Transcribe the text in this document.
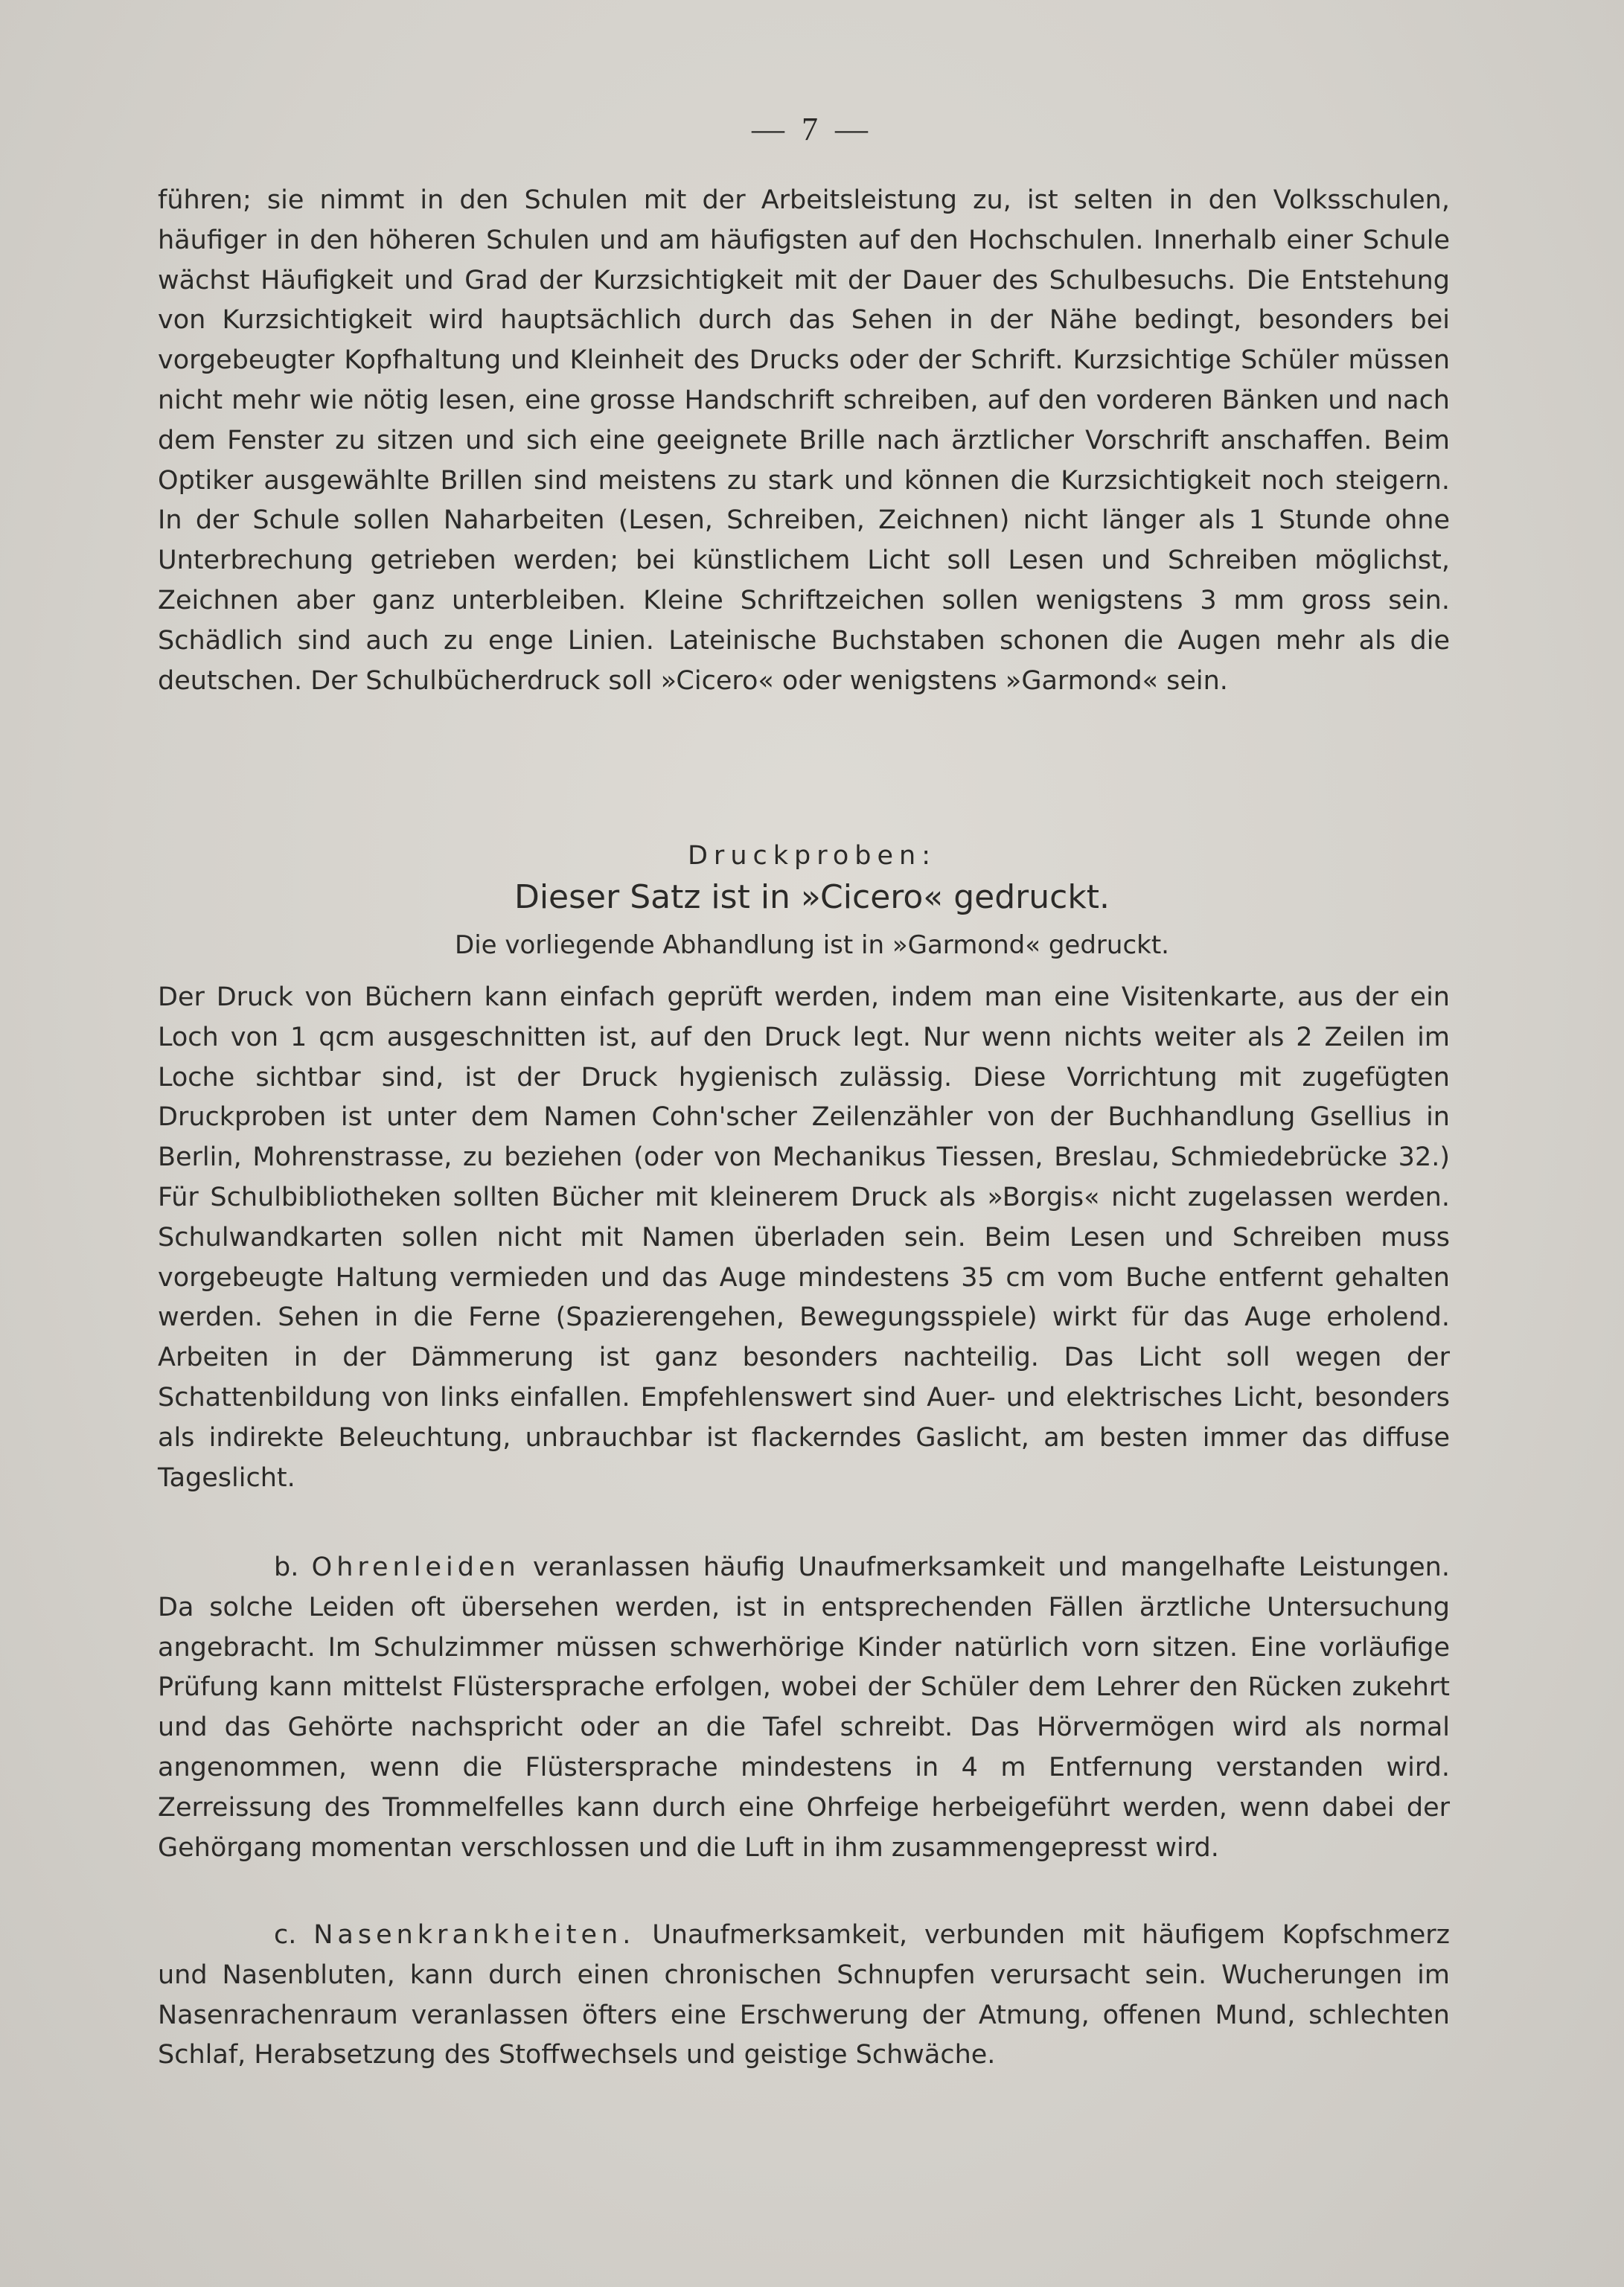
— 7 —

führen; sie nimmt in den Schulen mit der Arbeitsleistung zu, ist selten in den Volksschulen, häufiger in den höheren Schulen und am häufigsten auf den Hochschulen. Innerhalb einer Schule wächst Häufigkeit und Grad der Kurzsichtigkeit mit der Dauer des Schulbesuchs. Die Entstehung von Kurzsichtigkeit wird hauptsächlich durch das Sehen in der Nähe bedingt, besonders bei vorgebeugter Kopfhaltung und Kleinheit des Drucks oder der Schrift. Kurzsichtige Schüler müssen nicht mehr wie nötig lesen, eine grosse Handschrift schreiben, auf den vorderen Bänken und nach dem Fenster zu sitzen und sich eine geeignete Brille nach ärztlicher Vorschrift anschaffen. Beim Optiker ausgewählte Brillen sind meistens zu stark und können die Kurzsichtigkeit noch steigern. In der Schule sollen Naharbeiten (Lesen, Schreiben, Zeichnen) nicht länger als 1 Stunde ohne Unterbrechung getrieben werden; bei künstlichem Licht soll Lesen und Schreiben möglichst, Zeichnen aber ganz unterbleiben. Kleine Schriftzeichen sollen wenigstens 3 mm gross sein. Schädlich sind auch zu enge Linien. Lateinische Buchstaben schonen die Augen mehr als die deutschen. Der Schulbücherdruck soll »Cicero« oder wenigstens »Garmond« sein.

Druckproben:
Dieser Satz ist in »Cicero« gedruckt.
Die vorliegende Abhandlung ist in »Garmond« gedruckt.

Der Druck von Büchern kann einfach geprüft werden, indem man eine Visitenkarte, aus der ein Loch von 1 qcm ausgeschnitten ist, auf den Druck legt. Nur wenn nichts weiter als 2 Zeilen im Loche sichtbar sind, ist der Druck hygienisch zulässig. Diese Vorrichtung mit zugefügten Druckproben ist unter dem Namen Cohn'scher Zeilenzähler von der Buchhandlung Gsellius in Berlin, Mohrenstrasse, zu beziehen (oder von Mechanikus Tiessen, Breslau, Schmiedebrücke 32.) Für Schulbibliotheken sollten Bücher mit kleinerem Druck als »Borgis« nicht zugelassen werden. Schulwandkarten sollen nicht mit Namen überladen sein. Beim Lesen und Schreiben muss vorgebeugte Haltung vermieden und das Auge mindestens 35 cm vom Buche entfernt gehalten werden. Sehen in die Ferne (Spazierengehen, Bewegungsspiele) wirkt für das Auge erholend. Arbeiten in der Dämmerung ist ganz besonders nachteilig. Das Licht soll wegen der Schattenbildung von links einfallen. Empfehlenswert sind Auer- und elektrisches Licht, besonders als indirekte Beleuchtung, unbrauchbar ist flackerndes Gaslicht, am besten immer das diffuse Tageslicht.

b. Ohrenleiden veranlassen häufig Unaufmerksamkeit und mangelhafte Leistungen. Da solche Leiden oft übersehen werden, ist in entsprechenden Fällen ärztliche Untersuchung angebracht. Im Schulzimmer müssen schwerhörige Kinder natürlich vorn sitzen. Eine vorläufige Prüfung kann mittelst Flüstersprache erfolgen, wobei der Schüler dem Lehrer den Rücken zukehrt und das Gehörte nachspricht oder an die Tafel schreibt. Das Hörvermögen wird als normal angenommen, wenn die Flüstersprache mindestens in 4 m Entfernung verstanden wird. Zerreissung des Trommelfelles kann durch eine Ohrfeige herbeigeführt werden, wenn dabei der Gehörgang momentan verschlossen und die Luft in ihm zusammengepresst wird.

c. Nasenkrankheiten. Unaufmerksamkeit, verbunden mit häufigem Kopfschmerz und Nasenbluten, kann durch einen chronischen Schnupfen verursacht sein. Wucherungen im Nasenrachenraum veranlassen öfters eine Erschwerung der Atmung, offenen Mund, schlechten Schlaf, Herabsetzung des Stoffwechsels und geistige Schwäche.
